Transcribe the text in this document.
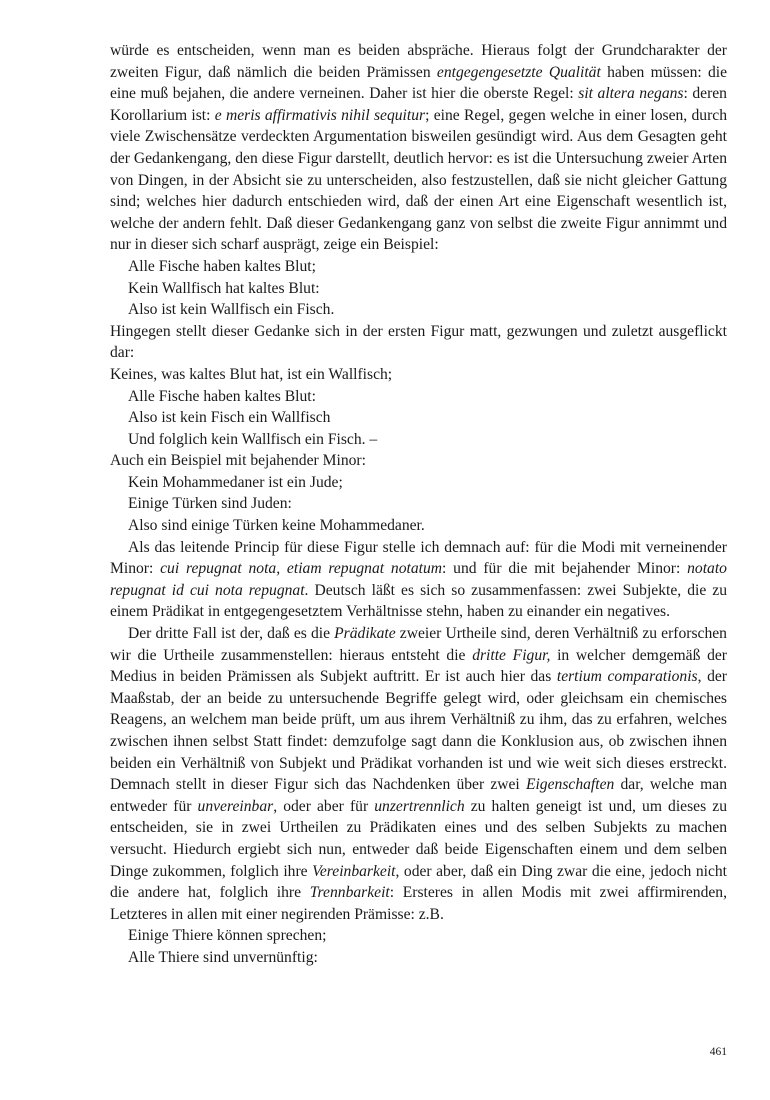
würde es entscheiden, wenn man es beiden abspräche. Hieraus folgt der Grundcharakter der zweiten Figur, daß nämlich die beiden Prämissen entgegengesetzte Qualität haben müssen: die eine muß bejahen, die andere verneinen. Daher ist hier die oberste Regel: sit altera negans: deren Korollarium ist: e meris affirmativis nihil sequitur; eine Regel, gegen welche in einer losen, durch viele Zwischensätze verdeckten Argumentation bisweilen gesündigt wird. Aus dem Gesagten geht der Gedankengang, den diese Figur darstellt, deutlich hervor: es ist die Untersuchung zweier Arten von Dingen, in der Absicht sie zu unterscheiden, also festzustellen, daß sie nicht gleicher Gattung sind; welches hier dadurch entschieden wird, daß der einen Art eine Eigenschaft wesentlich ist, welche der andern fehlt. Daß dieser Gedankengang ganz von selbst die zweite Figur annimmt und nur in dieser sich scharf ausprägt, zeige ein Beispiel:

Alle Fische haben kaltes Blut;

Kein Wallfisch hat kaltes Blut:

Also ist kein Wallfisch ein Fisch.

Hingegen stellt dieser Gedanke sich in der ersten Figur matt, gezwungen und zuletzt ausgeflickt dar:

Keines, was kaltes Blut hat, ist ein Wallfisch;

Alle Fische haben kaltes Blut:

Also ist kein Fisch ein Wallfisch

Und folglich kein Wallfisch ein Fisch. –

Auch ein Beispiel mit bejahender Minor:

Kein Mohammedaner ist ein Jude;

Einige Türken sind Juden:

Also sind einige Türken keine Mohammedaner.

Als das leitende Princip für diese Figur stelle ich demnach auf: für die Modi mit verneinender Minor: cui repugnat nota, etiam repugnat notatum: und für die mit bejahender Minor: notato repugnat id cui nota repugnat. Deutsch läßt es sich so zusammenfassen: zwei Subjekte, die zu einem Prädikat in entgegengesetztem Verhältnisse stehn, haben zu einander ein negatives.

Der dritte Fall ist der, daß es die Prädikate zweier Urtheile sind, deren Verhältniß zu erforschen wir die Urtheile zusammenstellen: hieraus entsteht die dritte Figur, in welcher demgemäß der Medius in beiden Prämissen als Subjekt auftritt. Er ist auch hier das tertium comparationis, der Maaßstab, der an beide zu untersuchende Begriffe gelegt wird, oder gleichsam ein chemisches Reagens, an welchem man beide prüft, um aus ihrem Verhältniß zu ihm, das zu erfahren, welches zwischen ihnen selbst Statt findet: demzufolge sagt dann die Konklusion aus, ob zwischen ihnen beiden ein Verhältniß von Subjekt und Prädikat vorhanden ist und wie weit sich dieses erstreckt. Demnach stellt in dieser Figur sich das Nachdenken über zwei Eigenschaften dar, welche man entweder für unvereinbar, oder aber für unzertrennlich zu halten geneigt ist und, um dieses zu entscheiden, sie in zwei Urtheilen zu Prädikaten eines und des selben Subjekts zu machen versucht. Hiedurch ergiebt sich nun, entweder daß beide Eigenschaften einem und dem selben Dinge zukommen, folglich ihre Vereinbarkeit, oder aber, daß ein Ding zwar die eine, jedoch nicht die andere hat, folglich ihre Trennbarkeit: Ersteres in allen Modis mit zwei affirmirenden, Letzteres in allen mit einer negirenden Prämisse: z.B.

Einige Thiere können sprechen;

Alle Thiere sind unvernünftig:

461
